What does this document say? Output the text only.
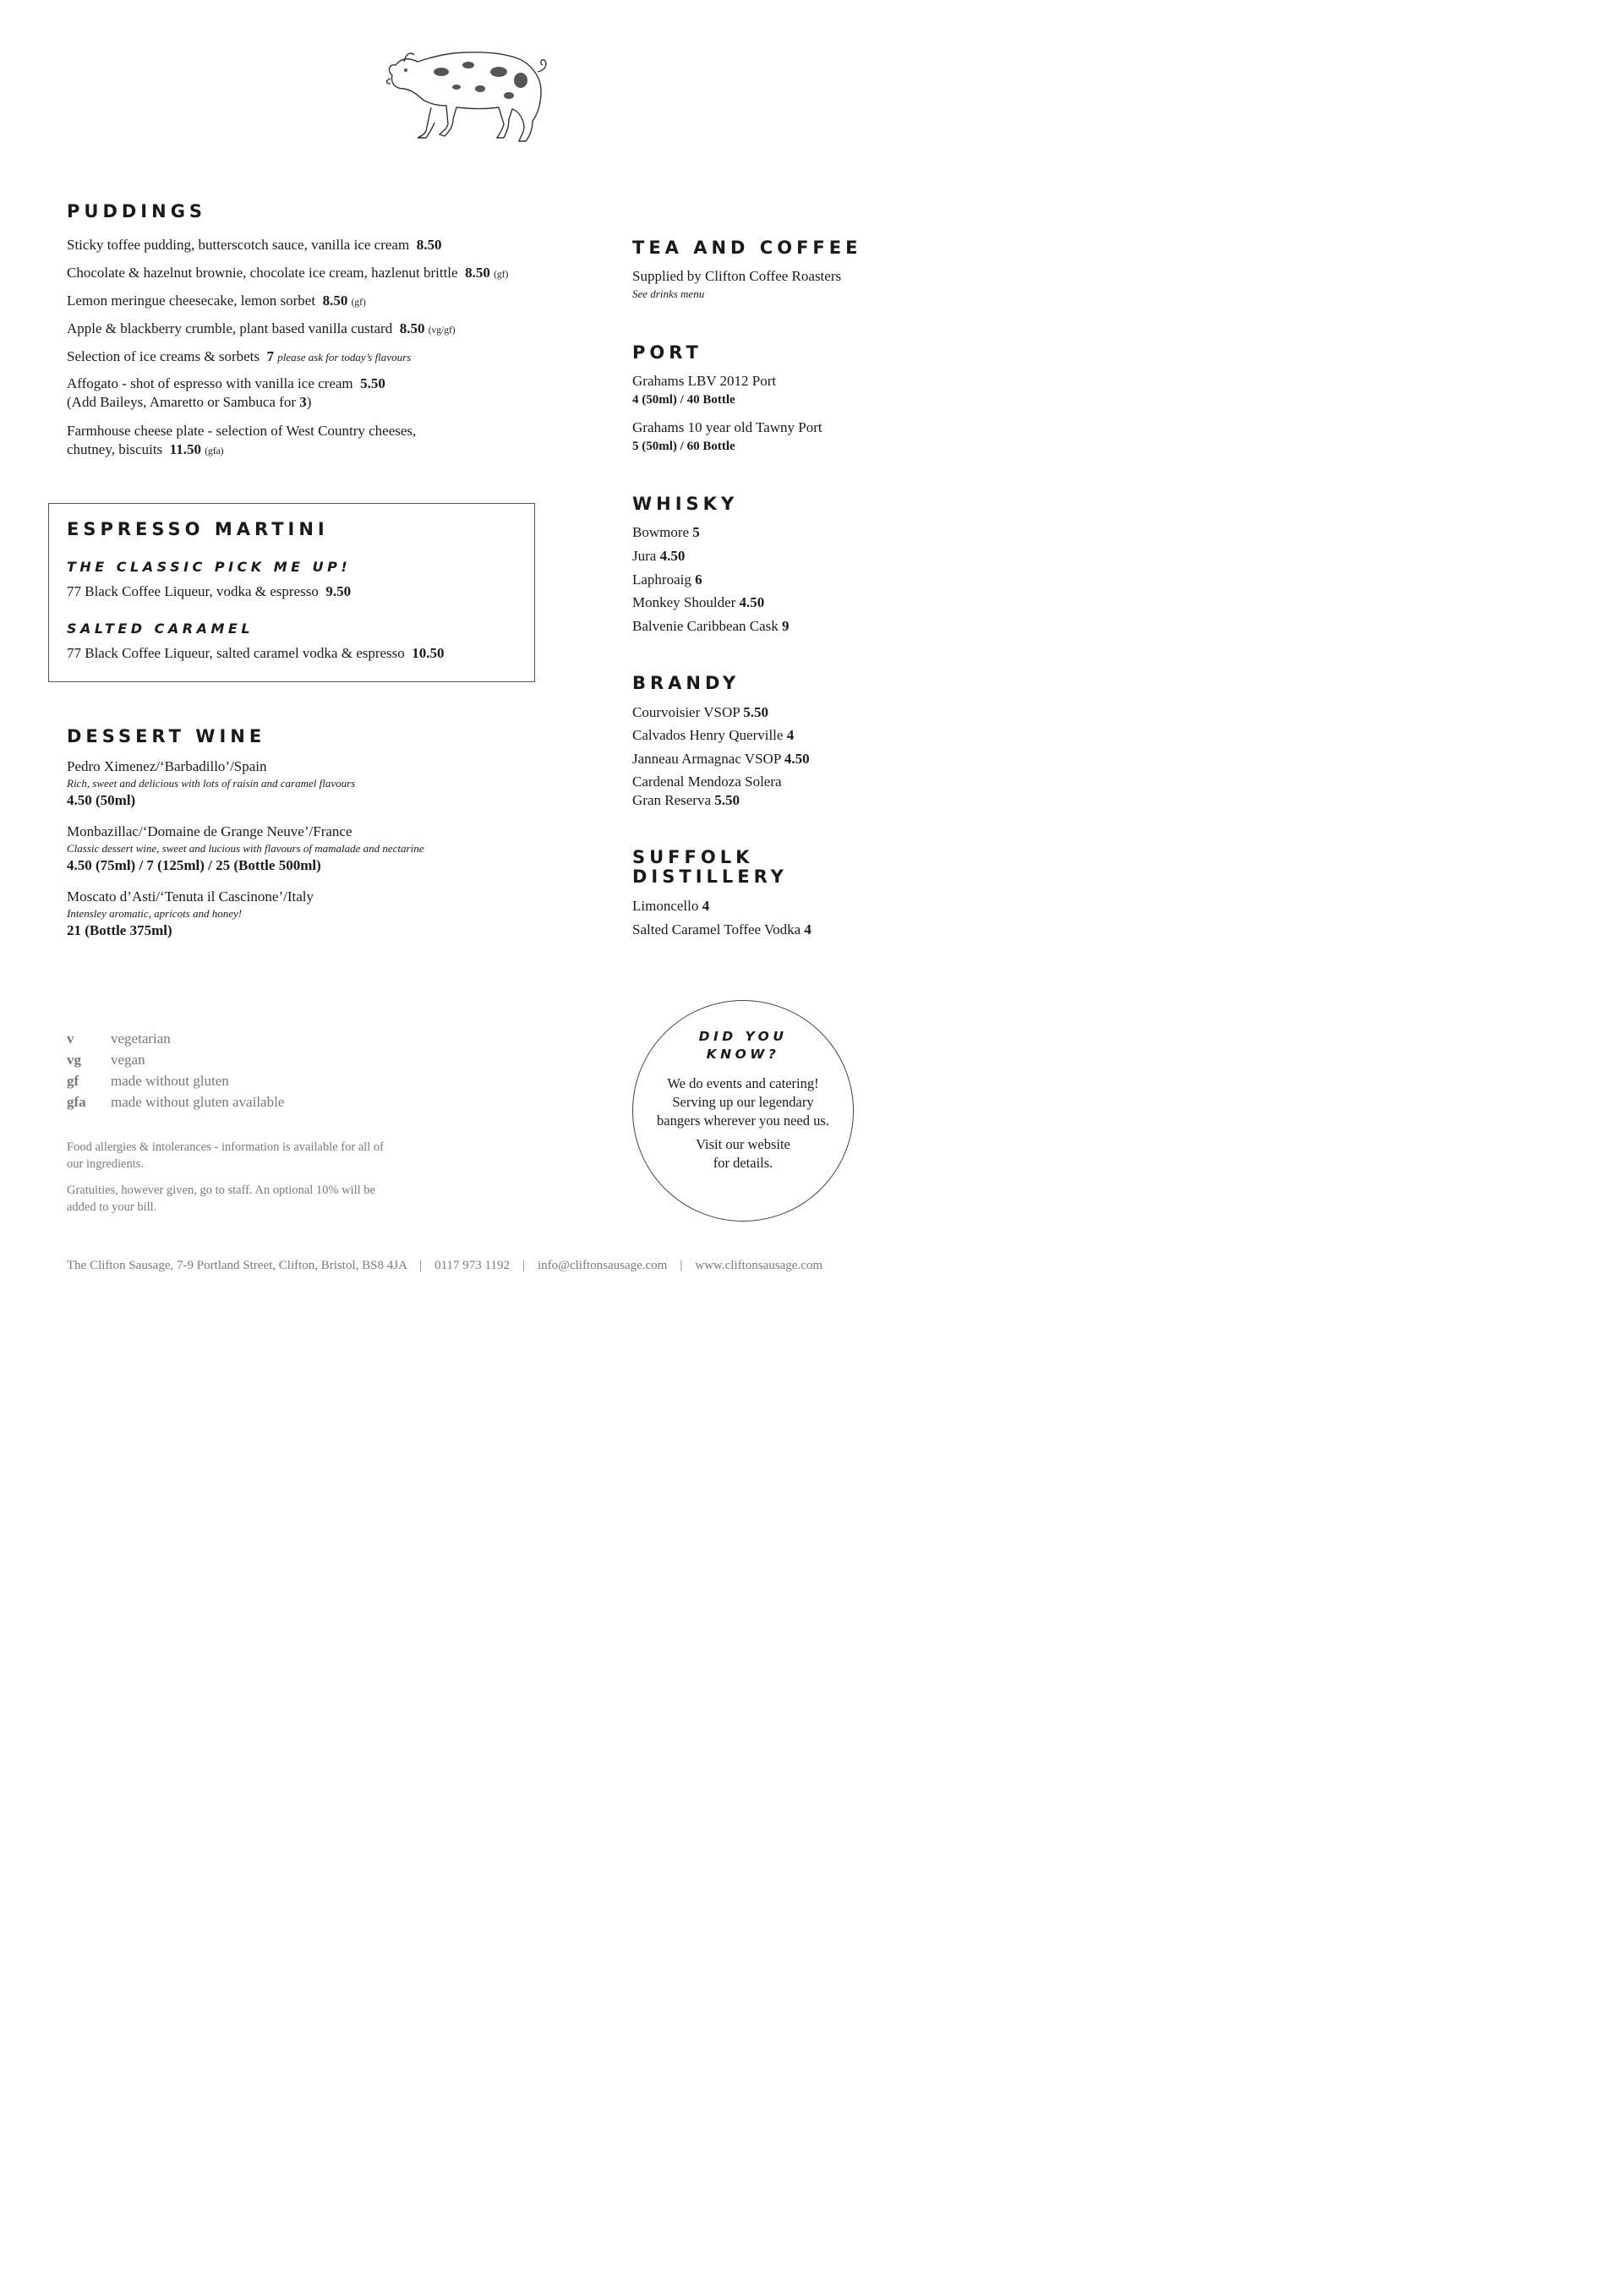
PUDDINGS
Sticky toffee pudding, butterscotch sauce, vanilla ice cream 8.50
Chocolate & hazelnut brownie, chocolate ice cream, hazlenut brittle 8.50 (gf)
Lemon meringue cheesecake, lemon sorbet 8.50 (gf)
Apple & blackberry crumble, plant based vanilla custard 8.50 (vg/gf)
Selection of ice creams & sorbets 7 please ask for today’s flavours
Affogato - shot of espresso with vanilla ice cream 5.50
(Add Baileys, Amaretto or Sambuca for 3)
Farmhouse cheese plate - selection of West Country cheeses,
chutney, biscuits 11.50 (gfa)
ESPRESSO MARTINI
THE CLASSIC PICK ME UP!
77 Black Coffee Liqueur, vodka & espresso 9.50
SALTED CARAMEL
77 Black Coffee Liqueur, salted caramel vodka & espresso 10.50
DESSERT WINE
Pedro Ximenez/‘Barbadillo’/Spain
Rich, sweet and delicious with lots of raisin and caramel flavours
4.50 (50ml)
Monbazillac/‘Domaine de Grange Neuve’/France
Classic dessert wine, sweet and lucious with flavours of mamalade and nectarine
4.50 (75ml) / 7 (125ml) / 25 (Bottle 500ml)
Moscato d’Asti/‘Tenuta il Cascinone’/Italy
Intensley aromatic, apricots and honey!
21 (Bottle 375ml)
TEA AND COFFEE
Supplied by Clifton Coffee Roasters
See drinks menu
PORT
Grahams LBV 2012 Port
4 (50ml) / 40 Bottle
Grahams 10 year old Tawny Port
5 (50ml) / 60 Bottle
WHISKY
Bowmore 5
Jura 4.50
Laphroaig 6
Monkey Shoulder 4.50
Balvenie Caribbean Cask 9
BRANDY
Courvoisier VSOP 5.50
Calvados Henry Querville 4
Janneau Armagnac VSOP 4.50
Cardenal Mendoza Solera
Gran Reserva 5.50
SUFFOLK
DISTILLERY
Limoncello 4
Salted Caramel Toffee Vodka 4
v	vegetarian
vg	vegan
gf	made without gluten
gfa	made without gluten available
Food allergies & intolerances - information is available for all of
our ingredients.
Gratuities, however given, go to staff. An optional 10% will be
added to your bill.
DID YOU
KNOW?
We do events and catering!
Serving up our legendary
bangers wherever you need us.
Visit our website
for details.
The Clifton Sausage, 7-9 Portland Street, Clifton, Bristol, BS8 4JA | 0117 973 1192 | info@cliftonsausage.com | www.cliftonsausage.com
